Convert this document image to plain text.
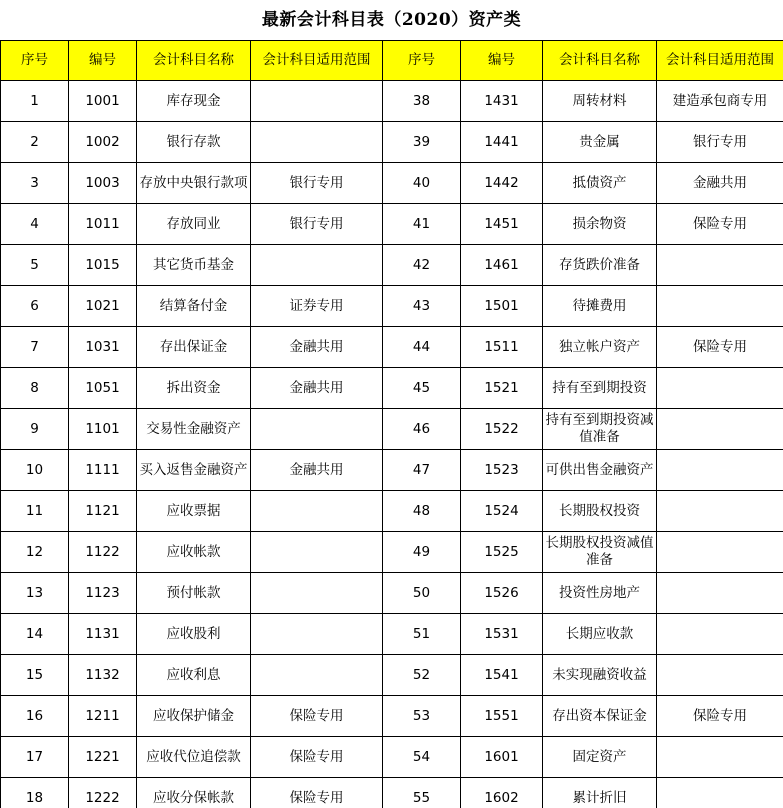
最新会计科目表（2020）资产类
序号	编号	会计科目名称	会计科目适用范围	序号	编号	会计科目名称	会计科目适用范围
1	1001	库存现金		38	1431	周转材料	建造承包商专用
2	1002	银行存款		39	1441	贵金属	银行专用
3	1003	存放中央银行款项	银行专用	40	1442	抵债资产	金融共用
4	1011	存放同业	银行专用	41	1451	损余物资	保险专用
5	1015	其它货币基金		42	1461	存货跌价准备	
6	1021	结算备付金	证券专用	43	1501	待摊费用	
7	1031	存出保证金	金融共用	44	1511	独立帐户资产	保险专用
8	1051	拆出资金	金融共用	45	1521	持有至到期投资	
9	1101	交易性金融资产		46	1522	持有至到期投资减值准备	
10	1111	买入返售金融资产	金融共用	47	1523	可供出售金融资产	
11	1121	应收票据		48	1524	长期股权投资	
12	1122	应收帐款		49	1525	长期股权投资减值准备	
13	1123	预付帐款		50	1526	投资性房地产	
14	1131	应收股利		51	1531	长期应收款	
15	1132	应收利息		52	1541	未实现融资收益	
16	1211	应收保护储金	保险专用	53	1551	存出资本保证金	保险专用
17	1221	应收代位追偿款	保险专用	54	1601	固定资产	
18	1222	应收分保帐款	保险专用	55	1602	累计折旧	
